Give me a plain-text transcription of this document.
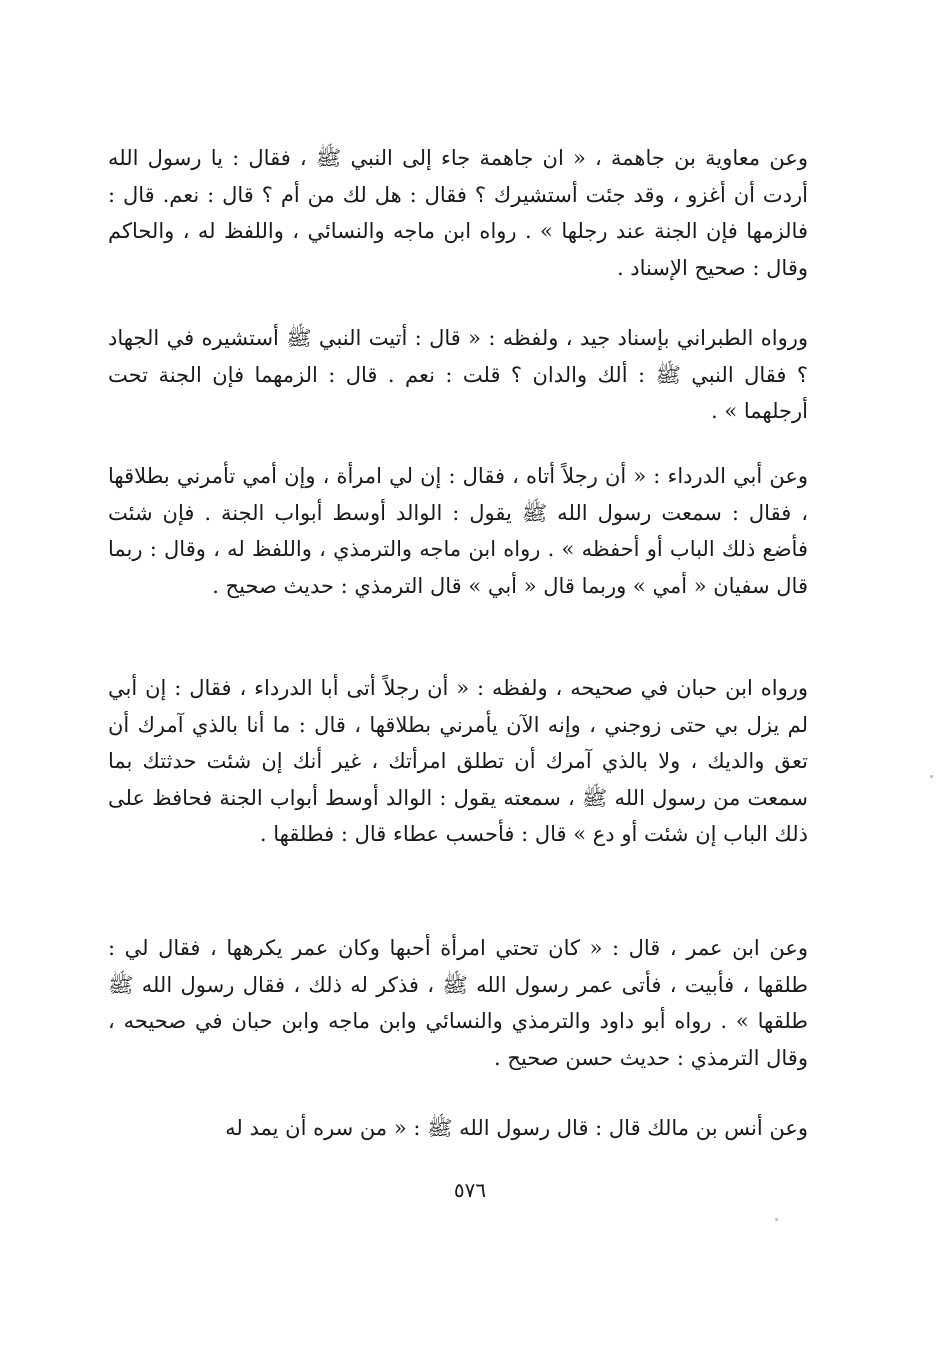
وعن معاوية بن جاهمة ، « ان جاهمة جاء إلى النبي ﷺ ، فقال : يا رسول الله أردت أن أغزو ، وقد جئت أستشيرك ؟ فقال : هل لك من أم ؟ قال : نعم. قال : فالزمها فإن الجنة عند رجلها » . رواه ابن ماجه والنسائي ، واللفظ له ، والحاكم وقال : صحيح الإسناد .

ورواه الطبراني بإسناد جيد ، ولفظه : « قال : أتيت النبي ﷺ أستشيره في الجهاد ؟ فقال النبي ﷺ : ألك والدان ؟ قلت : نعم . قال : الزمهما فإن الجنة تحت أرجلهما » .

وعن أبي الدرداء : « أن رجلاً أتاه ، فقال : إن لي امرأة ، وإن أمي تأمرني بطلاقها ، فقال : سمعت رسول الله ﷺ يقول : الوالد أوسط أبواب الجنة . فإن شئت فأضع ذلك الباب أو أحفظه » . رواه ابن ماجه والترمذي ، واللفظ له ، وقال : ربما قال سفيان « أمي » وربما قال « أبي » قال الترمذي : حديث صحيح .

ورواه ابن حبان في صحيحه ، ولفظه : « أن رجلاً أتى أبا الدرداء ، فقال : إن أبي لم يزل بي حتى زوجني ، وإنه الآن يأمرني بطلاقها ، قال : ما أنا بالذي آمرك أن تعق والديك ، ولا بالذي آمرك أن تطلق امرأتك ، غير أنك إن شئت حدثتك بما سمعت من رسول الله ﷺ ، سمعته يقول : الوالد أوسط أبواب الجنة فحافظ على ذلك الباب إن شئت أو دع » قال : فأحسب عطاء قال : فطلقها .

وعن ابن عمر ، قال : « كان تحتي امرأة أحبها وكان عمر يكرهها ، فقال لي : طلقها ، فأبيت ، فأتى عمر رسول الله ﷺ ، فذكر له ذلك ، فقال رسول الله ﷺ طلقها » . رواه أبو داود والترمذي والنسائي وابن ماجه وابن حبان في صحيحه ، وقال الترمذي : حديث حسن صحيح .

وعن أنس بن مالك قال : قال رسول الله ﷺ : « من سره أن يمد له

٥٧٦
